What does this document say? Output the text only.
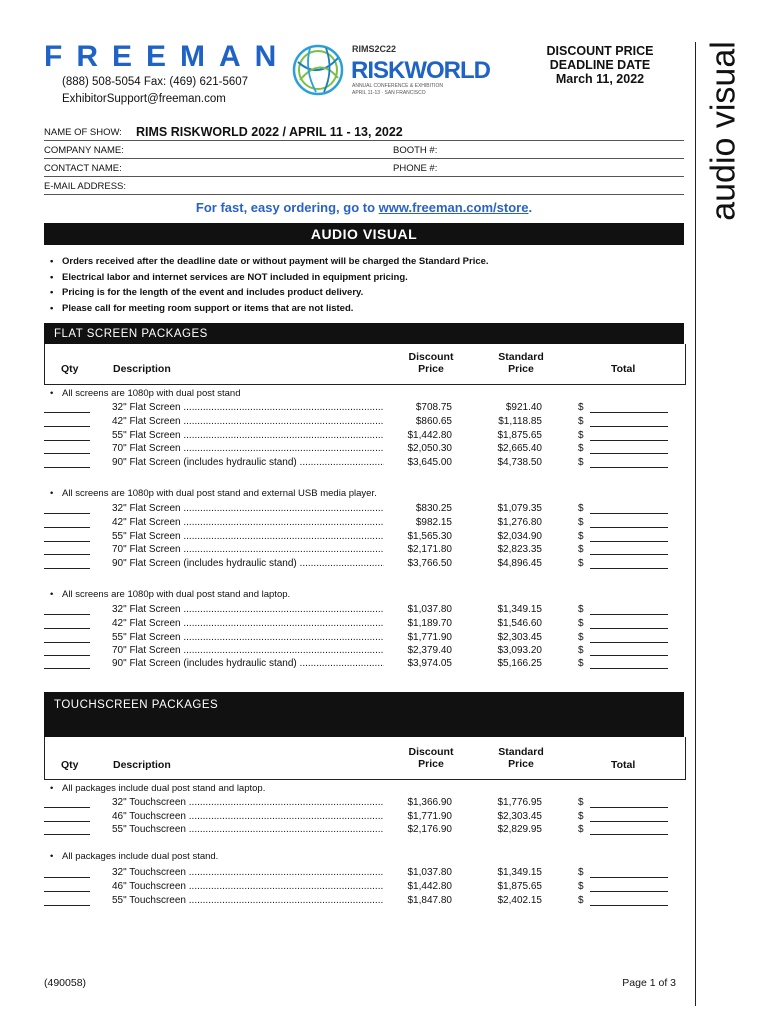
FREEMAN
(888) 508-5054 Fax: (469) 621-5607
ExhibitorSupport@freeman.com
RIMS2C22
RISKWORLD
ANNUAL CONFERENCE & EXHIBITION
APRIL 11-13 · SAN FRANCISCO
DISCOUNT PRICE
DEADLINE DATE
March 11, 2022	audio visual
NAME OF SHOW: RIMS RISKWORLD 2022 / APRIL 11 - 13, 2022
COMPANY NAME:	BOOTH #:
CONTACT NAME:	PHONE #:
E-MAIL ADDRESS:
For fast, easy ordering, go to www.freeman.com/store.
AUDIO VISUAL
• Orders received after the deadline date or without payment will be charged the Standard Price.
• Electrical labor and internet services are NOT included in equipment pricing.
• Pricing is for the length of the event and includes product delivery.
• Please call for meeting room support or items that are not listed.
FLAT SCREEN PACKAGES
Qty	Description
Discount
Price
Standard
Price	Total
• All screens are 1080p with dual post stand
32" Flat Screen .....	$708.75	$921.40	$
42" Flat Screen .....	$860.65	$1,118.85	$
55" Flat Screen .....	$1,442.80	$1,875.65	$
70" Flat Screen .....	$2,050.30	$2,665.40	$
90" Flat Screen (includes hydraulic stand) .....	$3,645.00	$4,738.50	$
• All screens are 1080p with dual post stand and external USB media player.
32" Flat Screen .....	$830.25	$1,079.35	$
42" Flat Screen .....	$982.15	$1,276.80	$
55" Flat Screen .....	$1,565.30	$2,034.90	$
70" Flat Screen .....	$2,171.80	$2,823.35	$
90" Flat Screen (includes hydraulic stand) .....	$3,766.50	$4,896.45	$
• All screens are 1080p with dual post stand and laptop.
32" Flat Screen .....	$1,037.80	$1,349.15	$
42" Flat Screen .....	$1,189.70	$1,546.60	$
55" Flat Screen .....	$1,771.90	$2,303.45	$
70" Flat Screen .....	$2,379.40	$3,093.20	$
90" Flat Screen (includes hydraulic stand) .....	$3,974.05	$5,166.25	$
TOUCHSCREEN PACKAGES
Qty	Description
Discount
Price
Standard
Price	Total
• All packages include dual post stand and laptop.
32" Touchscreen .....	$1,366.90	$1,776.95	$
46" Touchscreen .....	$1,771.90	$2,303.45	$
55" Touchscreen .....	$2,176.90	$2,829.95	$
• All packages include dual post stand.
32" Touchscreen .....	$1,037.80	$1,349.15	$
46" Touchscreen .....	$1,442.80	$1,875.65	$
55" Touchscreen .....	$1,847.80	$2,402.15	$
(490058)	Page 1 of 3
